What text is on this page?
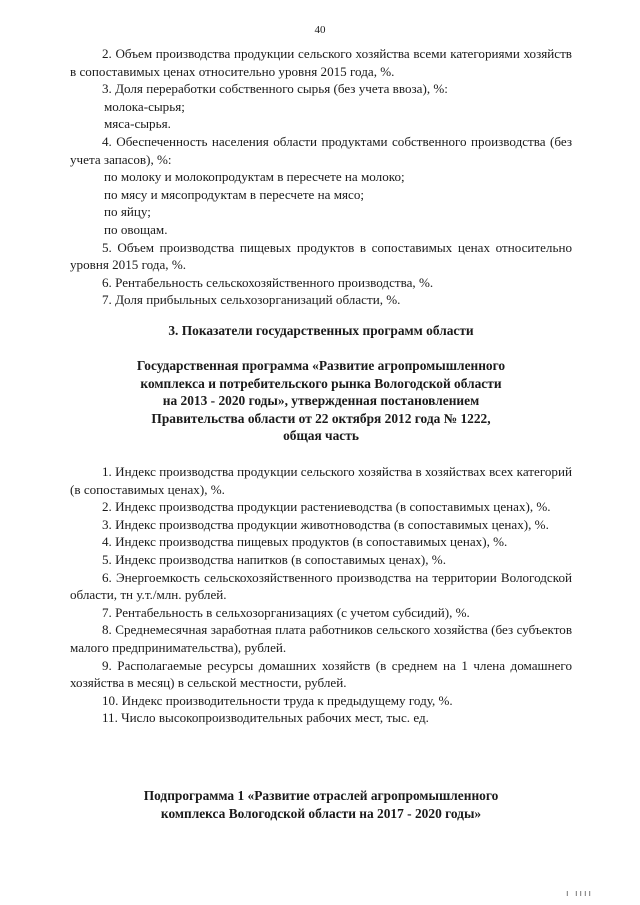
40

2. Объем производства продукции сельского хозяйства всеми категориями хозяйств в сопоставимых ценах относительно уровня 2015 года, %.

3. Доля переработки собственного сырья (без учета ввоза), %:

молока-сырья;

мяса-сырья.

4. Обеспеченность населения области продуктами собственного производства (без учета запасов), %:

по молоку и молокопродуктам в пересчете на молоко;

по мясу и мясопродуктам в пересчете на мясо;

по яйцу;

по овощам.

5. Объем производства пищевых продуктов в сопоставимых ценах относительно уровня 2015 года, %.

6. Рентабельность сельскохозяйственного производства, %.

7. Доля прибыльных сельхозорганизаций области, %.

3. Показатели государственных программ области
Государственная программа «Развитие агропромышленного
комплекса и потребительского рынка Вологодской области
на 2013 - 2020 годы», утвержденная постановлением
Правительства области от 22 октября 2012 года № 1222,
общая часть

1. Индекс производства продукции сельского хозяйства в хозяйствах всех категорий (в сопоставимых ценах), %.

2. Индекс производства продукции растениеводства (в сопоставимых ценах), %.

3. Индекс производства продукции животноводства (в сопоставимых ценах), %.

4. Индекс производства пищевых продуктов (в сопоставимых ценах), %.

5. Индекс производства напитков (в сопоставимых ценах), %.

6. Энергоемкость сельскохозяйственного производства на территории Вологодской области, тн у.т./млн. рублей.

7. Рентабельность в сельхозорганизациях (с учетом субсидий), %.

8. Среднемесячная заработная плата работников сельского хозяйства (без субъектов малого предпринимательства), рублей.

9. Располагаемые ресурсы домашних хозяйств (в среднем на 1 члена домашнего хозяйства в месяц) в сельской местности, рублей.

10. Индекс производительности труда к предыдущему году, %.

11. Число высокопроизводительных рабочих мест, тыс. ед.

Подпрограмма 1 «Развитие отраслей агропромышленного
комплекса Вологодской области на 2017 - 2020 годы»
ı ıııı
